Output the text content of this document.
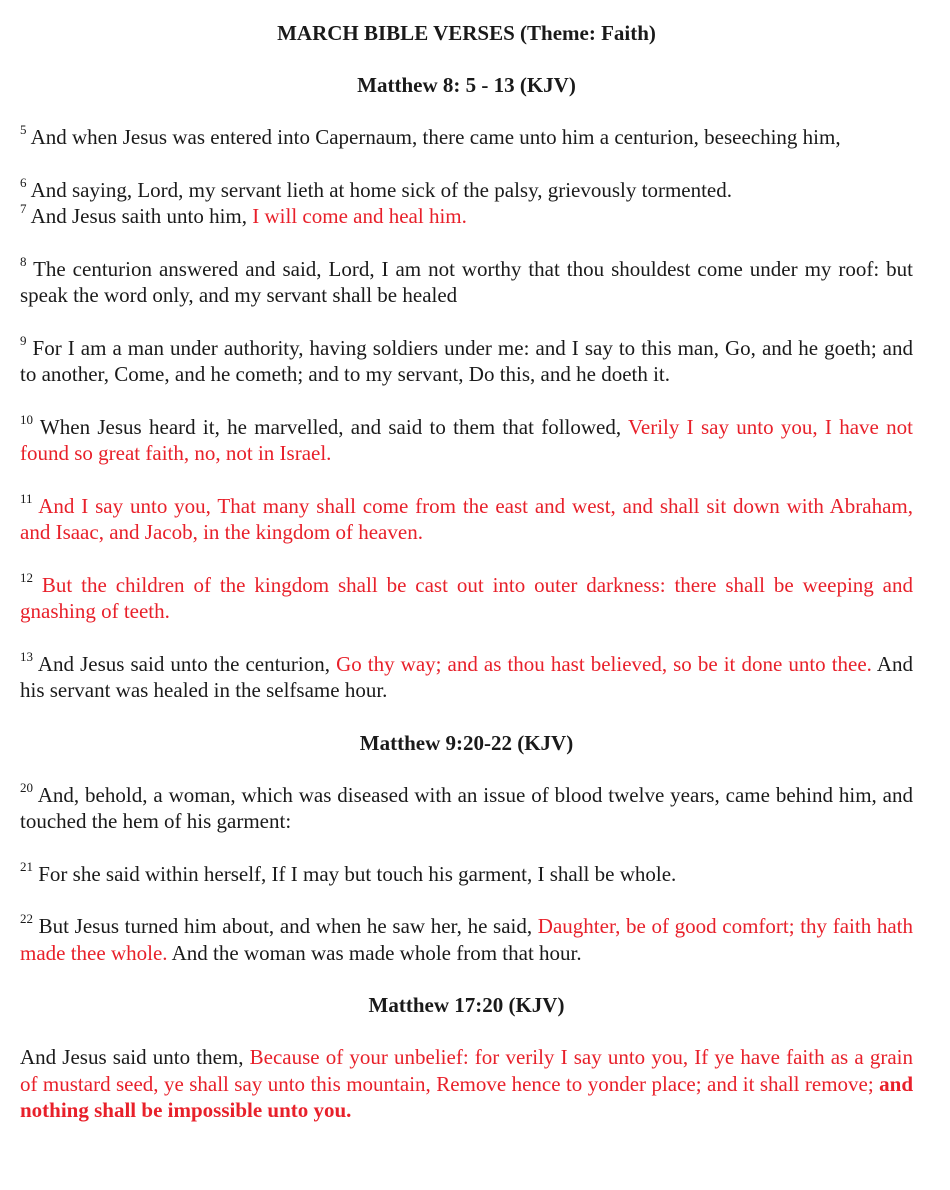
MARCH BIBLE VERSES (Theme: Faith)
Matthew 8: 5 - 13 (KJV)

$^5$ And when Jesus was entered into Capernaum, there came unto him a centurion, beseeching him,

$^6$ And saying, Lord, my servant lieth at home sick of the palsy, grievously tormented.

$^7$ And Jesus saith unto him, I will come and heal him.

$^8$ The centurion answered and said, Lord, I am not worthy that thou shouldest come under my roof: but speak the word only, and my servant shall be healed

$^9$ For I am a man under authority, having soldiers under me: and I say to this man, Go, and he goeth; and to another, Come, and he cometh; and to my servant, Do this, and he doeth it.

$^{10}$ When Jesus heard it, he marvelled, and said to them that followed, Verily I say unto you, I have not found so great faith, no, not in Israel.

$^{11}$ And I say unto you, That many shall come from the east and west, and shall sit down with Abraham, and Isaac, and Jacob, in the kingdom of heaven.

$^{12}$ But the children of the kingdom shall be cast out into outer darkness: there shall be weeping and gnashing of teeth.

$^{13}$ And Jesus said unto the centurion, Go thy way; and as thou hast believed, so be it done unto thee. And his servant was healed in the selfsame hour.

Matthew 9:20-22 (KJV)

$^{20}$ And, behold, a woman, which was diseased with an issue of blood twelve years, came behind him, and touched the hem of his garment:

$^{21}$ For she said within herself, If I may but touch his garment, I shall be whole.

$^{22}$ But Jesus turned him about, and when he saw her, he said, Daughter, be of good comfort; thy faith hath made thee whole. And the woman was made whole from that hour.

Matthew 17:20 (KJV)

And Jesus said unto them, Because of your unbelief: for verily I say unto you, If ye have faith as a grain of mustard seed, ye shall say unto this mountain, Remove hence to yonder place; and it shall remove; and nothing shall be impossible unto you.
